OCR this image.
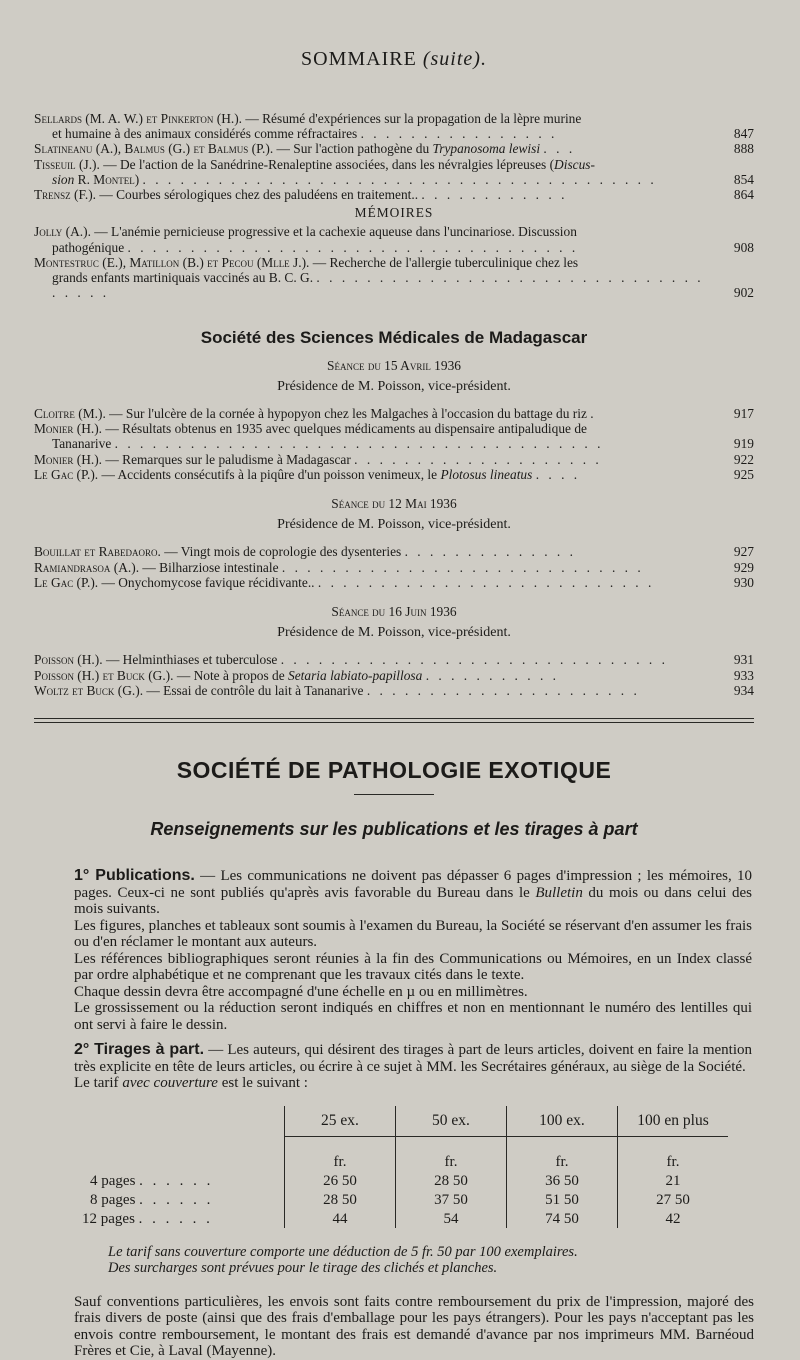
SOMMAIRE (suite).
Sellards (M. A. W.) et Pinkerton (H.). — Résumé d'expériences sur la propagation de la lèpre murine
et humaine à des animaux considérés comme réfractaires . . . . . . . . . . . . . . . .	847
Slatineanu (A.), Balmus (G.) et Balmus (P.). — Sur l'action pathogène du Trypanosoma lewisi . . .	888
Tisseuil (J.). — De l'action de la Sanédrine-Renaleptine associées, dans les névralgies lépreuses (Discus-
sion R. Montel) . . . . . . . . . . . . . . . . . . . . . . . . . . . . . . . . . . . . . . . . .	854
Trensz (F.). — Courbes sérologiques chez des paludéens en traitement.. . . . . . . . . . . . .	864
MÉMOIRES
Jolly (A.). — L'anémie pernicieuse progressive et la cachexie aqueuse dans l'uncinariose. Discussion
pathogénique . . . . . . . . . . . . . . . . . . . . . . . . . . . . . . . . . . . .	908
Montestruc (E.), Matillon (B.) et Pecou (Mlle J.). — Recherche de l'allergie tuberculinique chez les
grands enfants martiniquais vaccinés au B. C. G. . . . . . . . . . . . . . . . . . . . . . . . . . . . . . . . . . . . .	902
Société des Sciences Médicales de Madagascar
Séance du 15 Avril 1936
Présidence de M. Poisson, vice-président.
Cloitre (M.). — Sur l'ulcère de la cornée à hypopyon chez les Malgaches à l'occasion du battage du riz .	917
Monier (H.). — Résultats obtenus en 1935 avec quelques médicaments au dispensaire antipaludique de
Tananarive . . . . . . . . . . . . . . . . . . . . . . . . . . . . . . . . . . . . . . .	919
Monier (H.). — Remarques sur le paludisme à Madagascar . . . . . . . . . . . . . . . . . . . .	922
Le Gac (P.). — Accidents consécutifs à la piqûre d'un poisson venimeux, le Plotosus lineatus . . . .	925
Séance du 12 Mai 1936
Présidence de M. Poisson, vice-président.
Bouillat et Rabedaoro. — Vingt mois de coprologie des dysenteries . . . . . . . . . . . . . .	927
Ramiandrasoa (A.). — Bilharziose intestinale . . . . . . . . . . . . . . . . . . . . . . . . . . . . .	929
Le Gac (P.). — Onychomycose favique récidivante.. . . . . . . . . . . . . . . . . . . . . . . . . . . .	930
Séance du 16 Juin 1936
Présidence de M. Poisson, vice-président.
Poisson (H.). — Helminthiases et tuberculose . . . . . . . . . . . . . . . . . . . . . . . . . . . . . . .	931
Poisson (H.) et Buck (G.). — Note à propos de Setaria labiato-papillosa . . . . . . . . . . .	933
Woltz et Buck (G.). — Essai de contrôle du lait à Tananarive . . . . . . . . . . . . . . . . . . . . . .	934
SOCIÉTÉ DE PATHOLOGIE EXOTIQUE
Renseignements sur les publications et les tirages à part

1° Publications. — Les communications ne doivent pas dépasser 6 pages d'impression ; les mémoires, 10 pages. Ceux-ci ne sont publiés qu'après avis favorable du Bureau dans le Bulletin du mois ou dans celui des mois suivants.

Les figures, planches et tableaux sont soumis à l'examen du Bureau, la Société se réservant d'en assumer les frais ou d'en réclamer le montant aux auteurs.

Les références bibliographiques seront réunies à la fin des Communications ou Mémoires, en un Index classé par ordre alphabétique et ne comprenant que les travaux cités dans le texte.

Chaque dessin devra être accompagné d'une échelle en µ ou en millimètres.

Le grossissement ou la réduction seront indiqués en chiffres et non en mentionnant le numéro des lentilles qui ont servi à faire le dessin.

2° Tirages à part. — Les auteurs, qui désirent des tirages à part de leurs articles, doivent en faire la mention très explicite en tête de leurs articles, ou écrire à ce sujet à MM. les Secrétaires généraux, au siège de la Société.

Le tarif avec couverture est le suivant :

	25 ex.	50 ex.	100 ex.	100 en plus
	fr.	fr.	fr.	fr.
4 pages . . . . . .	26 50	28 50	36 50	21
8 pages . . . . . .	28 50	37 50	51 50	27 50
12 pages . . . . . .	44	54	74 50	42
Le tarif sans couverture comporte une déduction de 5 fr. 50 par 100 exemplaires.
Des surcharges sont prévues pour le tirage des clichés et planches.
Sauf conventions particulières, les envois sont faits contre remboursement du prix de l'impression, majoré des frais divers de poste (ainsi que des frais d'emballage pour les pays étrangers). Pour les pays n'acceptant pas les envois contre remboursement, le montant des frais est demandé d'avance par nos imprimeurs MM. Barnéoud Frères et Cie, à Laval (Mayenne).
